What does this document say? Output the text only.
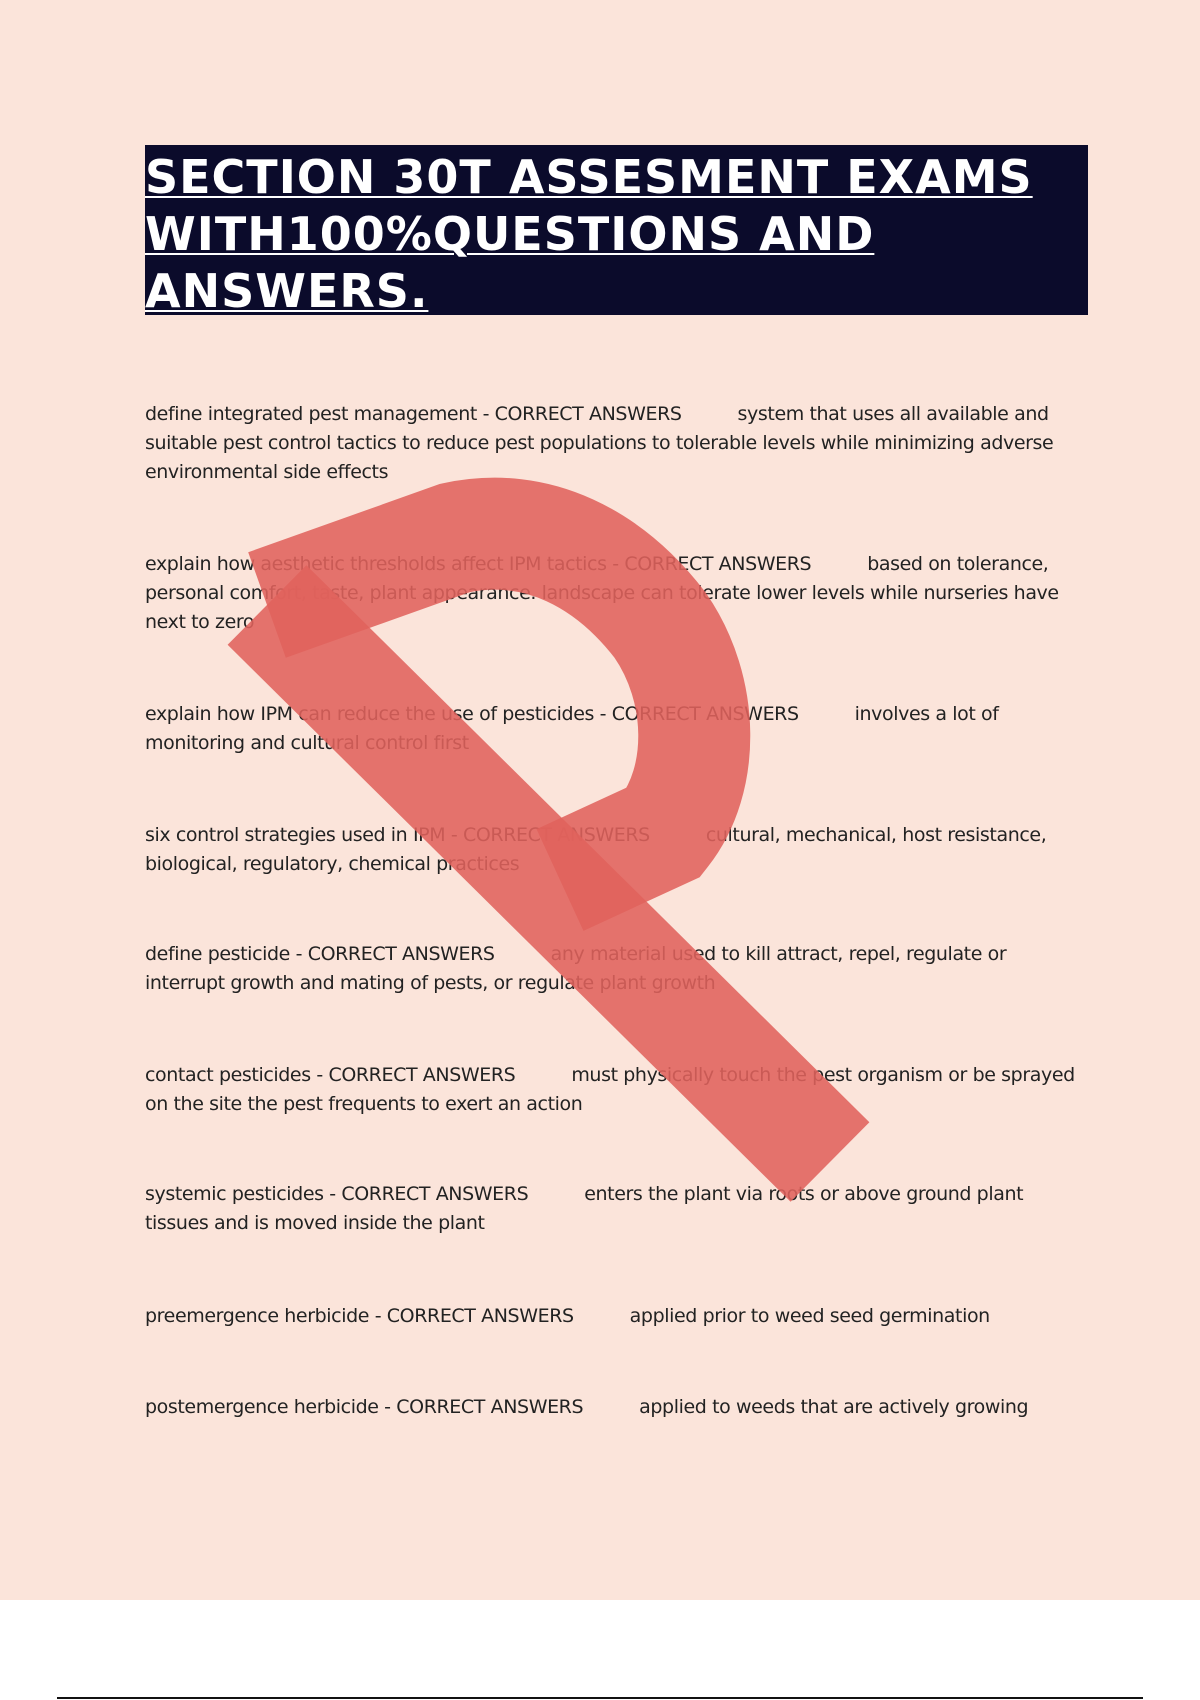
SECTION 30T ASSESMENT EXAMS WITH100%QUESTIONS AND ANSWERS.

define integrated pest management - CORRECT ANSWERS	system that uses all available and suitable pest control tactics to reduce pest populations to tolerable levels while minimizing adverse environmental side effects

explain how aesthetic thresholds affect IPM tactics - CORRECT ANSWERS	based on tolerance, personal comfort, taste, plant appearance. landscape can tolerate lower levels while nurseries have next to zero

explain how IPM can reduce the use of pesticides - CORRECT ANSWERS	involves a lot of monitoring and cultural control first

six control strategies used in IPM - CORRECT ANSWERS	cultural, mechanical, host resistance, biological, regulatory, chemical practices

define pesticide - CORRECT ANSWERS	any material used to kill attract, repel, regulate or interrupt growth and mating of pests, or regulate plant growth

contact pesticides - CORRECT ANSWERS	must physically touch the pest organism or be sprayed on the site the pest frequents to exert an action

systemic pesticides - CORRECT ANSWERS	enters the plant via roots or above ground plant tissues and is moved inside the plant

preemergence herbicide - CORRECT ANSWERS	applied prior to weed seed germination

postemergence herbicide - CORRECT ANSWERS	applied to weeds that are actively growing
